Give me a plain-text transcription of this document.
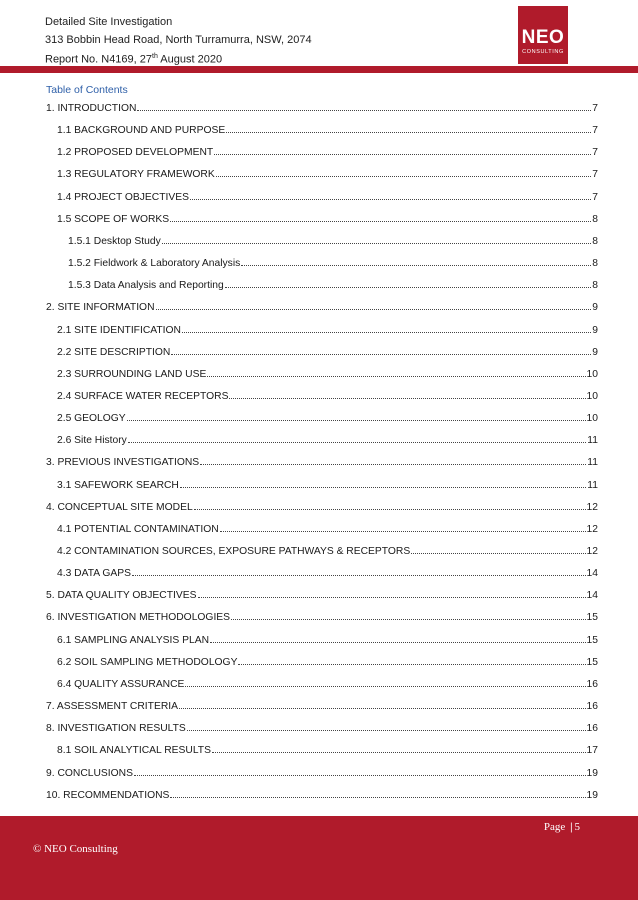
Detailed Site Investigation
313 Bobbin Head Road, North Turramurra, NSW, 2074
Report No. N4169, 27th August 2020
NEO
CONSULTING
Table of Contents
1. INTRODUCTION	7
1.1 BACKGROUND AND PURPOSE	7
1.2 PROPOSED DEVELOPMENT	7
1.3 REGULATORY FRAMEWORK	7
1.4 PROJECT OBJECTIVES	7
1.5 SCOPE OF WORKS	8
1.5.1 Desktop Study	8
1.5.2 Fieldwork & Laboratory Analysis	8
1.5.3 Data Analysis and Reporting	8
2. SITE INFORMATION	9
2.1 SITE IDENTIFICATION	9
2.2 SITE DESCRIPTION	9
2.3 SURROUNDING LAND USE	10
2.4 SURFACE WATER RECEPTORS	10
2.5 GEOLOGY	10
2.6 Site History	11
3. PREVIOUS INVESTIGATIONS	11
3.1 SAFEWORK SEARCH	11
4. CONCEPTUAL SITE MODEL	12
4.1 POTENTIAL CONTAMINATION	12
4.2 CONTAMINATION SOURCES, EXPOSURE PATHWAYS & RECEPTORS	12
4.3 DATA GAPS	14
5. DATA QUALITY OBJECTIVES	14
6. INVESTIGATION METHODOLOGIES	15
6.1 SAMPLING ANALYSIS PLAN	15
6.2 SOIL SAMPLING METHODOLOGY	15
6.4 QUALITY ASSURANCE	16
7. ASSESSMENT CRITERIA	16
8. INVESTIGATION RESULTS	16
8.1 SOIL ANALYTICAL RESULTS	17
9. CONCLUSIONS	19
10. RECOMMENDATIONS	19
Page | 5
© NEO Consulting
